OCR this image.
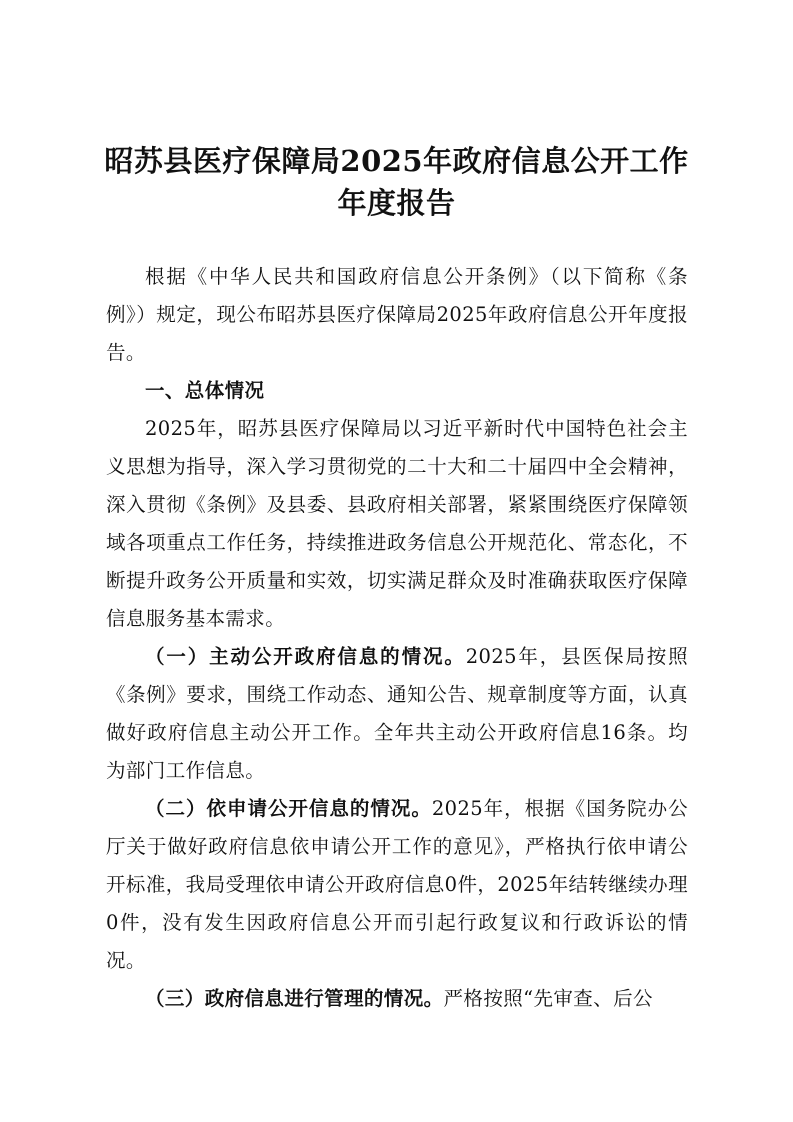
昭苏县医疗保障局2025年政府信息公开工作
年度报告

根据《中华人民共和国政府信息公开条例》（以下简称《条例》）规定，现公布昭苏县医疗保障局2025年政府信息公开年度报告。

一、总体情况

2025年，昭苏县医疗保障局以习近平新时代中国特色社会主义思想为指导，深入学习贯彻党的二十大和二十届四中全会精神，深入贯彻《条例》及县委、县政府相关部署，紧紧围绕医疗保障领域各项重点工作任务，持续推进政务信息公开规范化、常态化，不断提升政务公开质量和实效，切实满足群众及时准确获取医疗保障信息服务基本需求。

（一）主动公开政府信息的情况。2025年，县医保局按照《条例》要求，围绕工作动态、通知公告、规章制度等方面，认真做好政府信息主动公开工作。全年共主动公开政府信息16条。均为部门工作信息。

（二）依申请公开信息的情况。2025年，根据《国务院办公厅关于做好政府信息依申请公开工作的意见》，严格执行依申请公开标准，我局受理依申请公开政府信息0件，2025年结转继续办理0件，没有发生因政府信息公开而引起行政复议和行政诉讼的情况。

（三）政府信息进行管理的情况。严格按照“先审查、后公
